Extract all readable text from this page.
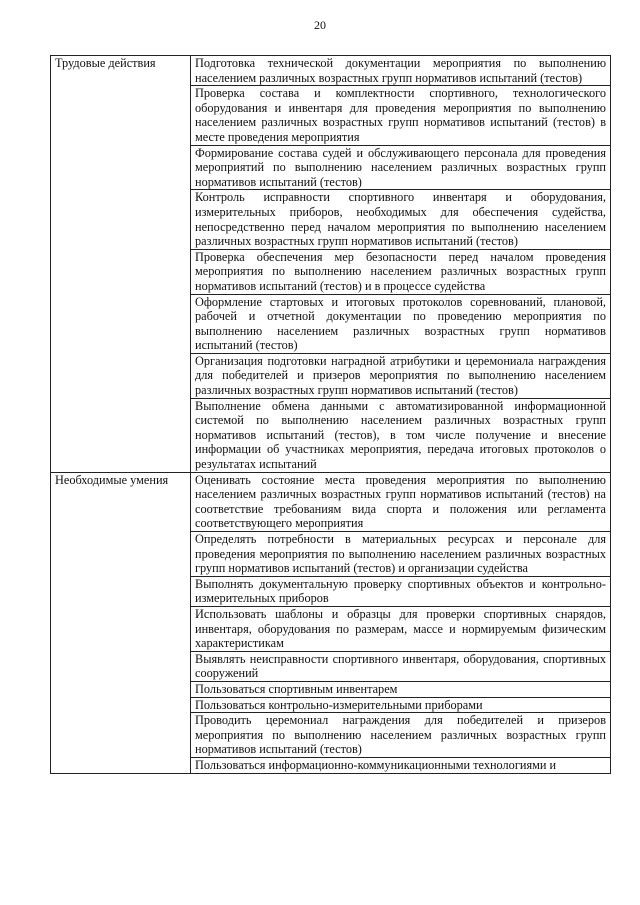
20
Трудовые действия	Подготовка технической документации мероприятия по выполнению населением различных возрастных групп нормативов испытаний (тестов)

	Проверка состава и комплектности спортивного, технологического оборудования и инвентаря для проведения мероприятия по выполнению населением различных возрастных групп нормативов испытаний (тестов) в месте проведения мероприятия

	Формирование состава судей и обслуживающего персонала для проведения мероприятий по выполнению населением различных возрастных групп нормативов испытаний (тестов)

	Контроль исправности спортивного инвентаря и оборудования, измерительных приборов, необходимых для обеспечения судейства, непосредственно перед началом мероприятия по выполнению населением различных возрастных групп нормативов испытаний (тестов)

	Проверка обеспечения мер безопасности перед началом проведения мероприятия по выполнению населением различных возрастных групп нормативов испытаний (тестов) и в процессе судейства

	Оформление стартовых и итоговых протоколов соревнований, плановой, рабочей и отчетной документации по проведению мероприятия по выполнению населением различных возрастных групп нормативов испытаний (тестов)

	Организация подготовки наградной атрибутики и церемониала награждения для победителей и призеров мероприятия по выполнению населением различных возрастных групп нормативов испытаний (тестов)

	Выполнение обмена данными с автоматизированной информационной системой по выполнению населением различных возрастных групп нормативов испытаний (тестов), в том числе получение и внесение информации об участниках мероприятия, передача итоговых протоколов о результатах испытаний

Необходимые умения	Оценивать состояние места проведения мероприятия по выполнению населением различных возрастных групп нормативов испытаний (тестов) на соответствие требованиям вида спорта и положения или регламента соответствующего мероприятия

	Определять потребности в материальных ресурсах и персонале для проведения мероприятия по выполнению населением различных возрастных групп нормативов испытаний (тестов) и организации судейства

	Выполнять документальную проверку спортивных объектов и контрольно-измерительных приборов

	Использовать шаблоны и образцы для проверки спортивных снарядов, инвентаря, оборудования по размерам, массе и нормируемым физическим характеристикам

	Выявлять неисправности спортивного инвентаря, оборудования, спортивных сооружений

	Пользоваться спортивным инвентарем

	Пользоваться контрольно-измерительными приборами

	Проводить церемониал награждения для победителей и призеров мероприятия по выполнению населением различных возрастных групп нормативов испытаний (тестов)

	Пользоваться информационно-коммуникационными технологиями и
